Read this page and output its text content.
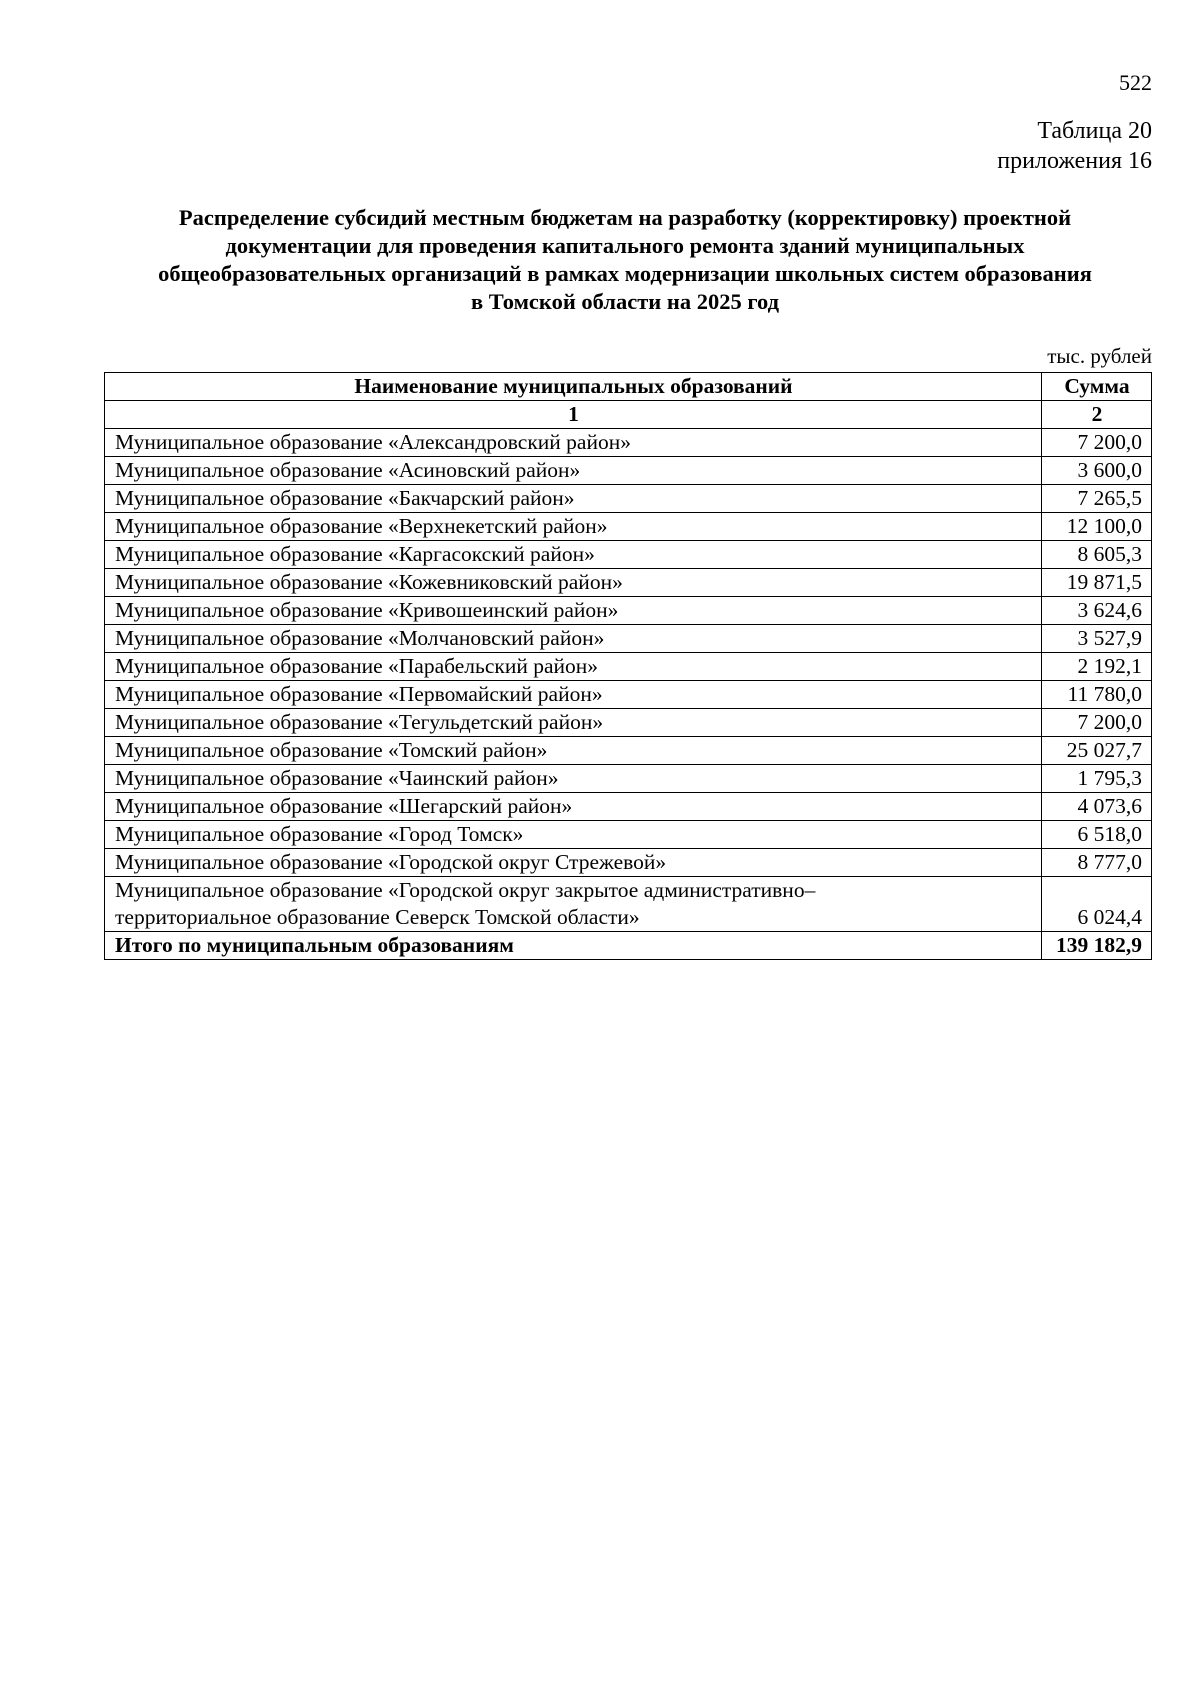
522
Таблица 20
приложения 16
Распределение субсидий местным бюджетам на разработку (корректировку) проектной
документации для проведения капитального ремонта зданий муниципальных
общеобразовательных организаций в рамках модернизации школьных систем образования
в Томской области на 2025 год
тыс. рублей
Наименование муниципальных образований	Сумма
1	2
Муниципальное образование «Александровский район»	7 200,0
Муниципальное образование «Асиновский район»	3 600,0
Муниципальное образование «Бакчарский район»	7 265,5
Муниципальное образование «Верхнекетский район»	12 100,0
Муниципальное образование «Каргасокский район»	8 605,3
Муниципальное образование «Кожевниковский район»	19 871,5
Муниципальное образование «Кривошеинский район»	3 624,6
Муниципальное образование «Молчановский район»	3 527,9
Муниципальное образование «Парабельский район»	2 192,1
Муниципальное образование «Первомайский район»	11 780,0
Муниципальное образование «Тегульдетский район»	7 200,0
Муниципальное образование «Томский район»	25 027,7
Муниципальное образование «Чаинский район»	1 795,3
Муниципальное образование «Шегарский район»	4 073,6
Муниципальное образование «Город Томск»	6 518,0
Муниципальное образование «Городской округ Стрежевой»	8 777,0

Муниципальное образование «Городской округ закрытое административно–
территориальное образование Северск Томской области»	6 024,4
Итого по муниципальным образованиям	139 182,9
